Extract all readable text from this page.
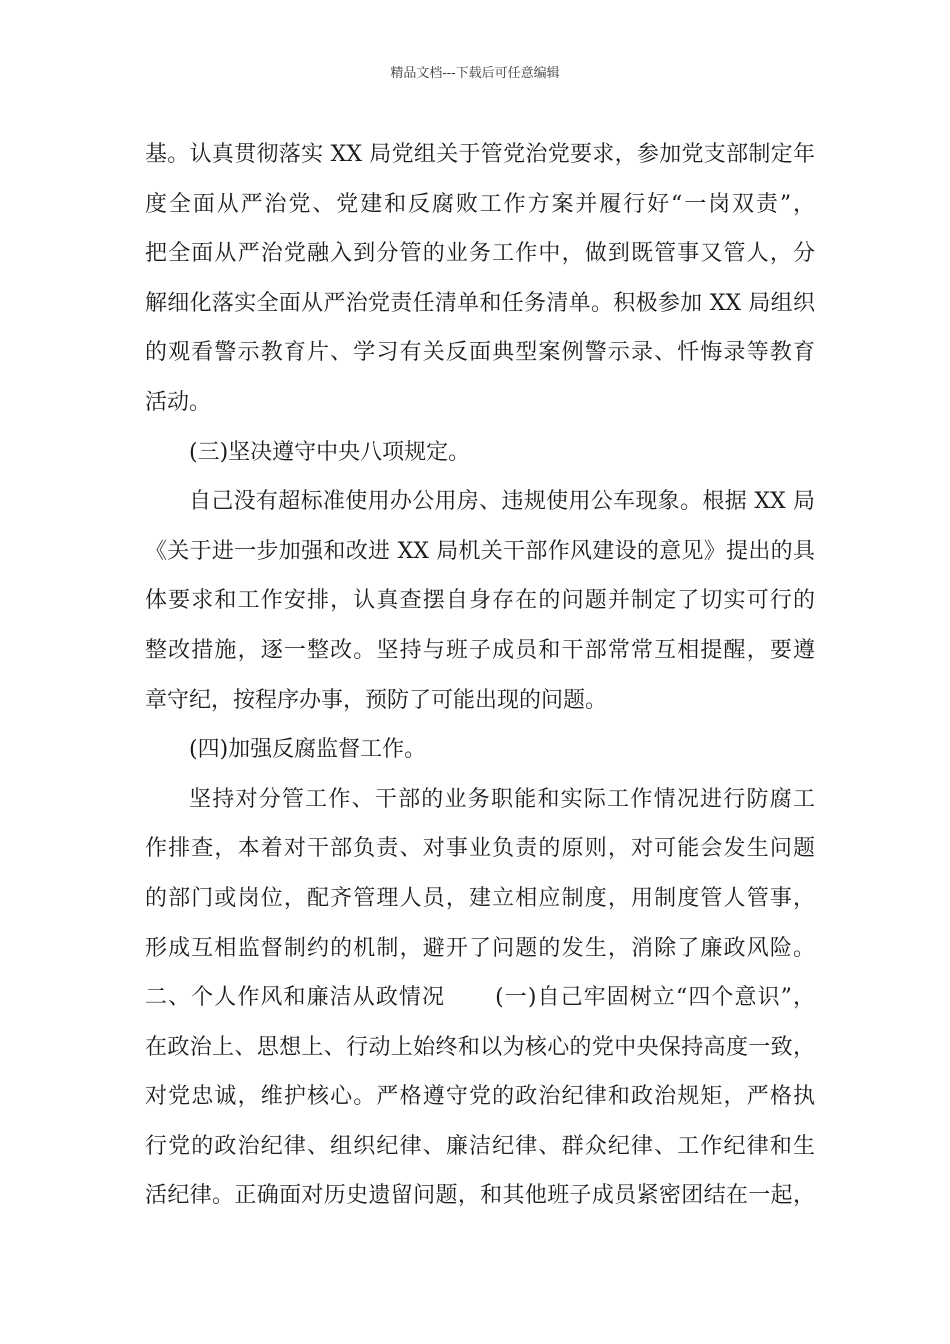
精品文档---下载后可任意编辑
基。认真贯彻落实 XX 局党组关于管党治党要求，参加党支部制定年
度全面从严治党、党建和反腐败工作方案并履行好“一岗双责”，
把全面从严治党融入到分管的业务工作中，做到既管事又管人，分
解细化落实全面从严治党责任清单和任务清单。积极参加 XX 局组织
的观看警示教育片、学习有关反面典型案例警示录、忏悔录等教育
活动。
(三)坚决遵守中央八项规定。
自己没有超标准使用办公用房、违规使用公车现象。根据 XX 局
《关于进一步加强和改进 XX 局机关干部作风建设的意见》提出的具
体要求和工作安排，认真查摆自身存在的问题并制定了切实可行的
整改措施，逐一整改。坚持与班子成员和干部常常互相提醒，要遵
章守纪，按程序办事，预防了可能出现的问题。
(四)加强反腐监督工作。
坚持对分管工作、干部的业务职能和实际工作情况进行防腐工
作排查，本着对干部负责、对事业负责的原则，对可能会发生问题
的部门或岗位，配齐管理人员，建立相应制度，用制度管人管事，
形成互相监督制约的机制，避开了问题的发生，消除了廉政风险。
二、个人作风和廉洁从政情况 (一)自己牢固树立“四个意识”，
在政治上、思想上、行动上始终和以为核心的党中央保持高度一致，
对党忠诚，维护核心。严格遵守党的政治纪律和政治规矩，严格执
行党的政治纪律、组织纪律、廉洁纪律、群众纪律、工作纪律和生
活纪律。正确面对历史遗留问题，和其他班子成员紧密团结在一起，
